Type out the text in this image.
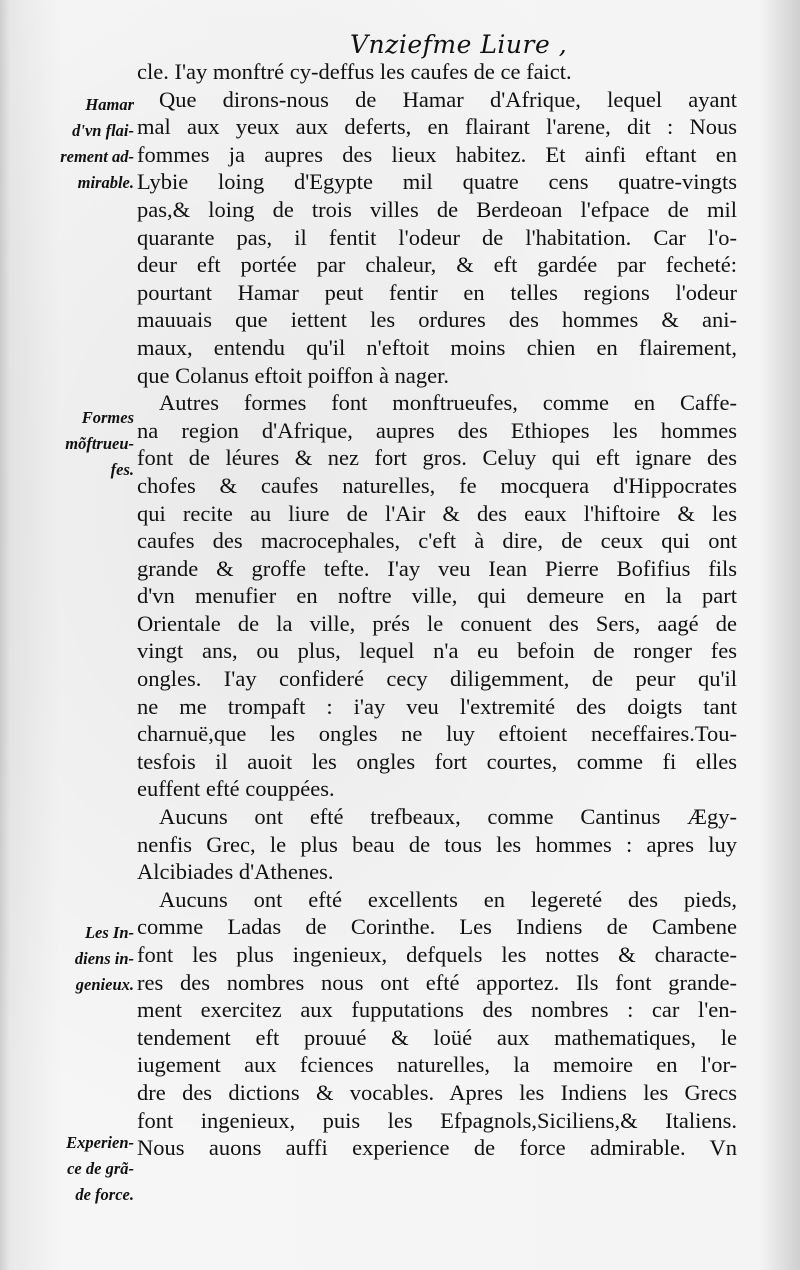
Vnziefme Liure ,
Hamar
d'vn flai-
rement ad-
mirable.
Formes
mõftrueu-
fes.
Les In-
diens in-
genieux.
Experien-
ce de grã-
de force.
cle. I'ay monftré cy-deffus les caufes de ce faict.
Que dirons-nous de Hamar d'Afrique, lequel ayant
mal aux yeux aux deferts, en flairant l'arene, dit : Nous
fommes ja aupres des lieux habitez. Et ainfi eftant en
Lybie loing d'Egypte mil quatre cens quatre-vingts
pas,& loing de trois villes de Berdeoan l'efpace de mil
quarante pas, il fentit l'odeur de l'habitation. Car l'o-
deur eft portée par chaleur, & eft gardée par fecheté:
pourtant Hamar peut fentir en telles regions l'odeur
mauuais que iettent les ordures des hommes & ani-
maux, entendu qu'il n'eftoit moins chien en flairement,
que Colanus eftoit poiffon à nager.
Autres formes font monftrueufes, comme en Caffe-
na region d'Afrique, aupres des Ethiopes les hommes
font de léures & nez fort gros. Celuy qui eft ignare des
chofes & caufes naturelles, fe mocquera d'Hippocrates
qui recite au liure de l'Air & des eaux l'hiftoire & les
caufes des macrocephales, c'eft à dire, de ceux qui ont
grande & groffe tefte. I'ay veu Iean Pierre Bofifius fils
d'vn menufier en noftre ville, qui demeure en la part
Orientale de la ville, prés le conuent des Sers, aagé de
vingt ans, ou plus, lequel n'a eu befoin de ronger fes
ongles. I'ay confideré cecy diligemment, de peur qu'il
ne me trompaft : i'ay veu l'extremité des doigts tant
charnuë,que les ongles ne luy eftoient neceffaires.Tou-
tesfois il auoit les ongles fort courtes, comme fi elles
euffent efté couppées.
Aucuns ont efté trefbeaux, comme Cantinus Ægy-
nenfis Grec, le plus beau de tous les hommes : apres luy
Alcibiades d'Athenes.
Aucuns ont efté excellents en legereté des pieds,
comme Ladas de Corinthe. Les Indiens de Cambene
font les plus ingenieux, defquels les nottes & characte-
res des nombres nous ont efté apportez. Ils font grande-
ment exercitez aux fupputations des nombres : car l'en-
tendement eft prouué & loüé aux mathematiques, le
iugement aux fciences naturelles, la memoire en l'or-
dre des dictions & vocables. Apres les Indiens les Grecs
font ingenieux, puis les Efpagnols,Siciliens,& Italiens.
Nous auons auffi experience de force admirable. Vn
